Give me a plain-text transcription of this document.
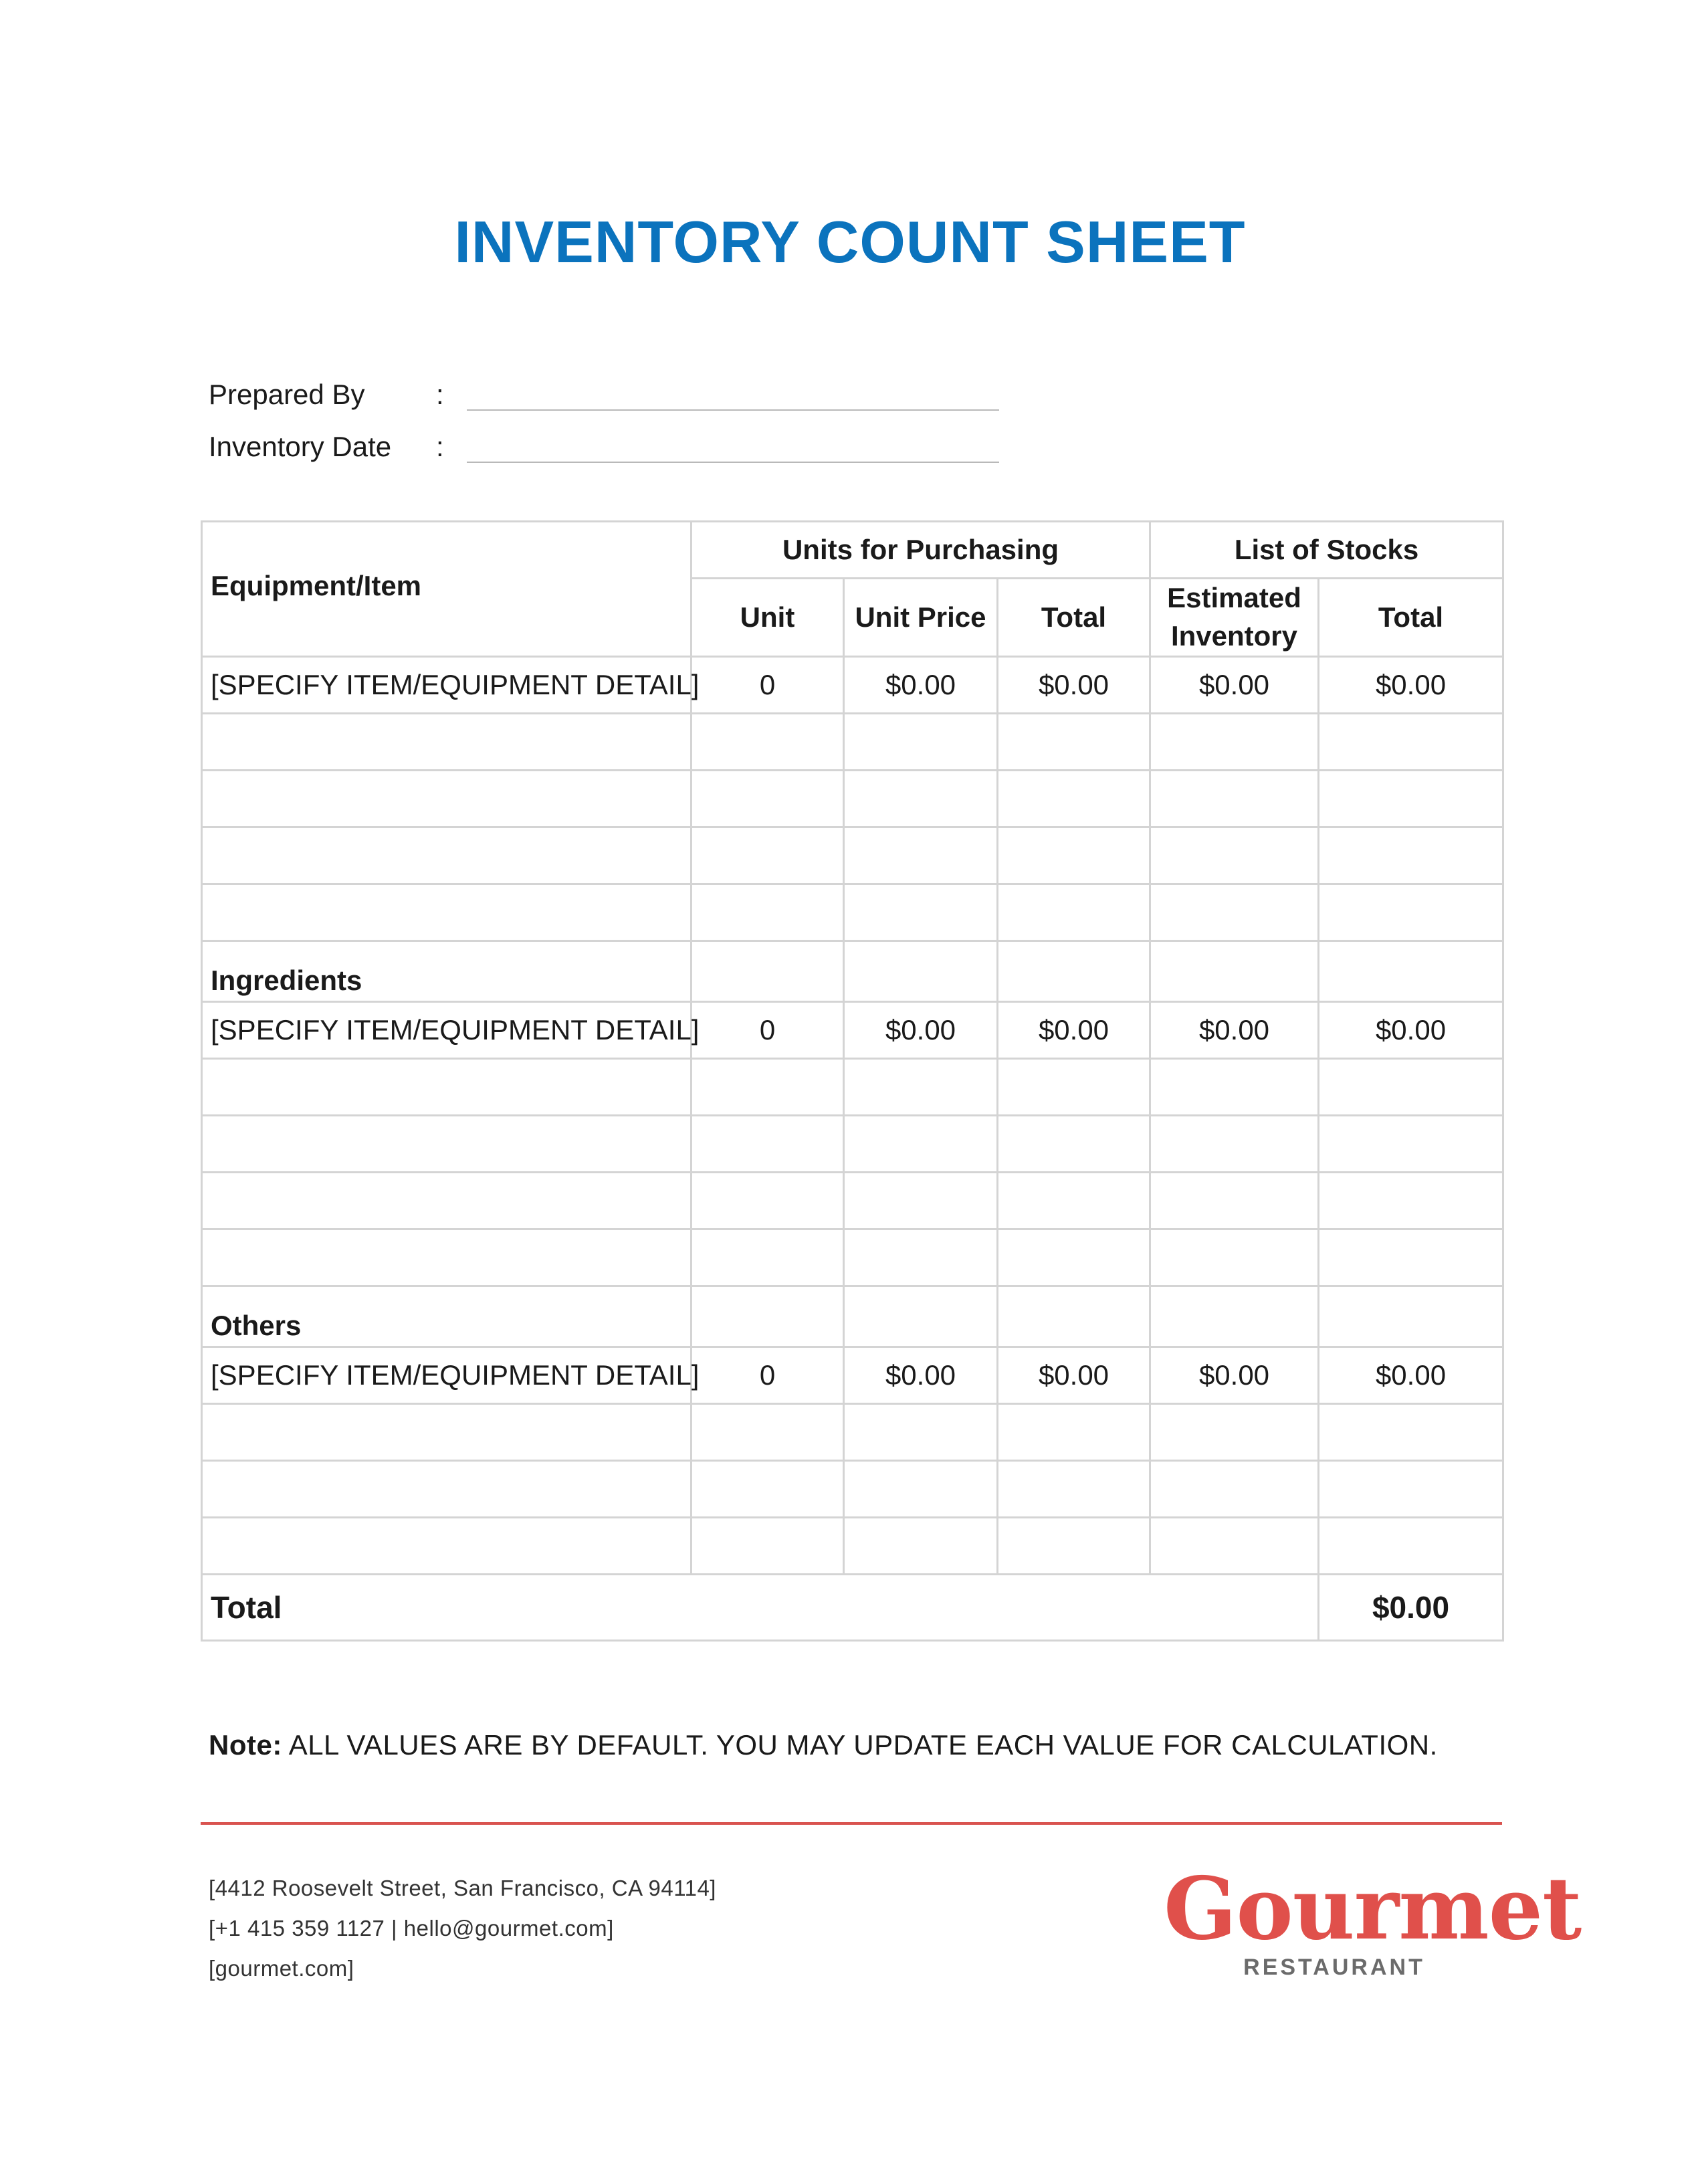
INVENTORY COUNT SHEET
Prepared By	:
Inventory Date :
Equipment/Item	Units for Purchasing			List of Stocks	
	Unit	Unit Price	Total	Estimated Inventory	Total
[SPECIFY ITEM/EQUIPMENT DETAIL]	0	$0.00	$0.00	$0.00	$0.00

Ingredients					
[SPECIFY ITEM/EQUIPMENT DETAIL]	0	$0.00	$0.00	$0.00	$0.00

Others					
[SPECIFY ITEM/EQUIPMENT DETAIL]	0	$0.00	$0.00	$0.00	$0.00

Total					$0.00
Note: ALL VALUES ARE BY DEFAULT. YOU MAY UPDATE EACH VALUE FOR CALCULATION.
[4412 Roosevelt Street, San Francisco, CA 94114]
[+1 415 359 1127 | hello@gourmet.com]
[gourmet.com]
Gourmet
RESTAURANT
